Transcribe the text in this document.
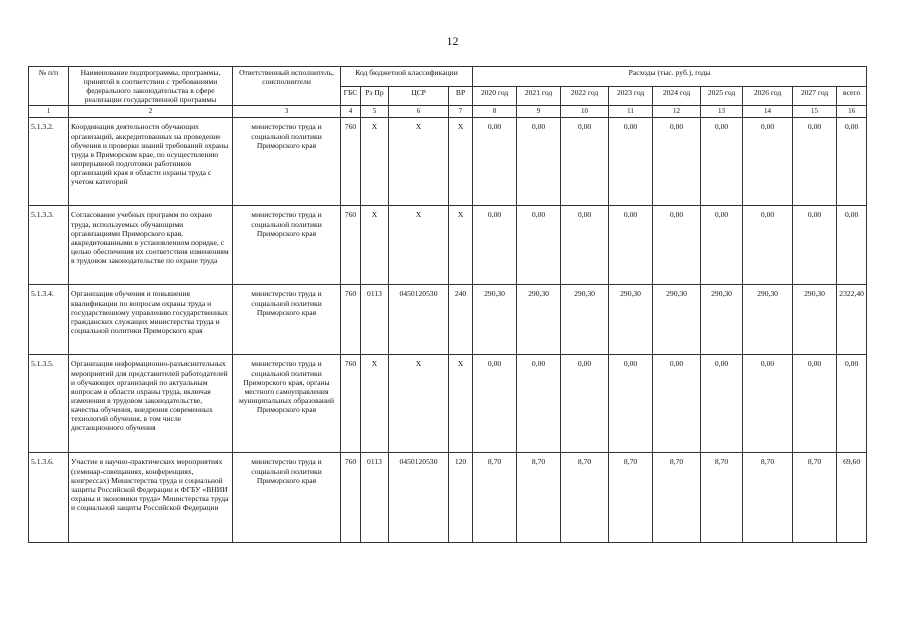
12
№ п/п	Наименование подпрограммы, программы, принятой в соответствии с требованиями федерального законодательства в сфере реализации государственной программы	Ответственный исполнитель, соисполнители	Код бюджетной классификации				Расходы (тыс. руб.), годы								
			ГБС	Рз Пр	ЦСР	ВР	2020 год	2021 год	2022 год	2023 год	2024 год	2025 год	2026 год	2027 год	всего
1	2	3	4	5	6	7	8	9	10	11	12	13	14	15	16
5.1.3.2.	Координация деятельности обучающих организаций, аккредитованных на проведение обучения и проверки знаний требований охраны труда в Приморском крае, по осуществлению непрерывной подготовки работников организаций края в области охраны труда с учетом категорий	министерство труда и социальной политики Приморского края	760	X	X	X	0,00	0,00	0,00	0,00	0,00	0,00	0,00	0,00	0,00
5.1.3.3.	Согласование учебных программ по охране труда, используемых обучающими организациями Приморского края, аккредитованными в установленном порядке, с целью обеспечения их соответствия изменениям в трудовом законодательстве по охране труда	министерство труда и социальной политики Приморского края	760	X	X	X	0,00	0,00	0,00	0,00	0,00	0,00	0,00	0,00	0,00
5.1.3.4.	Организация обучения и повышения квалификации по вопросам охраны труда и государственному управлению государственных гражданских служащих министерства труда и социальной политики Приморского края	министерство труда и социальной политики Приморского края	760	0113	0450120530	240	290,30	290,30	290,30	290,30	290,30	290,30	290,30	290,30	2322,40
5.1.3.5.	Организация информационно-разъяснительных мероприятий для представителей работодателей и обучающих организаций по актуальным вопросам в области охраны труда, включая изменения в трудовом законодательстве, качества обучения, внедрения современных технологий обучения, в том числе дистанционного обучения	министерство труда и социальной политики Приморского края, органы местного самоуправления муниципальных образований Приморского края	760	X	X	X	0,00	0,00	0,00	0,00	0,00	0,00	0,00	0,00	0,00
5.1.3.6.	Участие в научно-практических мероприятиях (семинар-совещаниях, конференциях, конгрессах) Министерства труда и социальной защиты Российской Федерации и ФГБУ «ВНИИ охраны и экономики труда» Министерства труда и социальной защиты Российской Федерации	министерство труда и социальной политики Приморского края	760	0113	0450120530	120	8,70	8,70	8,70	8,70	8,70	8,70	8,70	8,70	69,60
